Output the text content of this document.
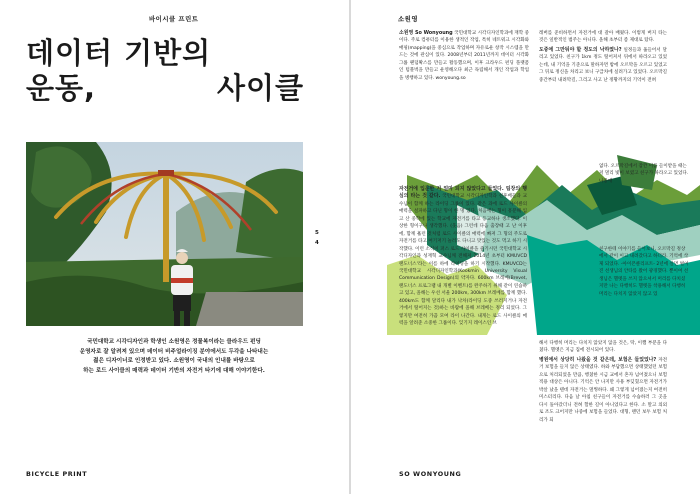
바이시클 프린트
데이터 기반의
운동,	사이클
국민대학교 시각디자인과 학생인 소원영은 정물복이라는 클라우드 펀딩
운영자로 잘 알려져 있으며 데이터 비주얼라이징 분야에서도 두각을 나타내는
젊은 디자이너로 인정받고 있다. 소원영이 국내의 인내를 바탕으로
하는 로드 사이클의 매력과 데이터 기반의 자전거 타기에 대해 이야기한다.
5
4
BICYCLE PRINT
소원영

소원영 So Wonyoung 국민대학교 시각디자인학과에 재학 중이다. 주로 컴퓨터를 이용한 생적인 작업, 특히 네트워크 시각화와 매핑(mapping)을 중심으로 작업하며 자유로운 창작 시스템을 만드는 것에 관심이 있다. 2008년부터 2011년까지 데이터 시각화 그룹 팬덤확스를 만들고 활동했으며, 이후 크라우드 펀딩 플랫폼인 텀블벅을 만들고 운영해오다 최근 독립해서 개인 작업과 학업을 병행하고 있다. wonyoung.so

레버를 준비하면서 자전거에 대 갈아 배웠다. 이렇게 버지 타는 것은 일반적인 범주는 아니다. 올해 초부터 좀 제대로 탔다.

도중에 그만둬야 할 정도의 낙하였나? 일정들과 옮들어서 달리고 있었다. 친구가 1km 정도 떨어져서 뒤에서 따라오고 있었는데, 내 기억을 기준으로 말하자면 밤에 오르막을 오르고 있었고 그 뒤로 정신을 차리고 보니 구급차에 실려가고 있었다. 오르막길 중간부터 내려막길, 그리고 사고 난 정황까지의 기억이 전혀

없다. 오르막길에서 잠깐 이를 들이받을 때는 저 멀리 빛이 보였고 친구가 따라오고 있었다. 나중에
친구한테 이야기를 들어보니, 오르막길 정상에서 같이 이고 내려갔다고 하더라. 기억에 삭제 되었다. -아이폰클리프트- 2년에 살면 벌어진 선생님의 안타를 왔어 광경했다. 뿐이여 선생님은 헬멧을 쓰지 않으셔서 머리를 다치셨지만 나는 다행히도 헬멧을 착용해서 다행히 머리는 다치지 않았지 않고 있

자전거에 입문한 지 얼마 되지 않았다고 들었다. 팀장의 행심의 타는 것 같다. 국민대학교 시각디자인학과 선후배들과 교수님이 함께 하는 라이딩 그룹이 있다. 같은 과에 로드 사이클의 매력을 설파하고 다닌 형이 한 명 있다. 처음에는 형이 흥분해 입고 산 중학에 있는 학교에 자전거를 타고 등교하나 생소했다. 이상한 형이구나 생각했다. (웃음) 그런데 다음 출장때 고 난 이후에, 함께 훌런 것처럼 로드 사이클의 매력에 빠져 그 형의 주도로 자전거를 타고 여기저기 놀러도 다니고 맛있는 것도 먹고 하기 시작했다. 이런 소식이 퍼스 로드 사이클을 즐기시던 국민대학교 시각디자인과 성재혁 교수님께 전해져 2014년 초부터 KMUVCD 랜도너스'라는 이름 하에 라이딩을 하기 시작했다. KMUVCD는 국민대학교 시각디자인학과(Kookmin University Visual Communication Design)의 약자다. 600km 브레베(Brevet, 랜도너스 프로그램 내 개별 이벤트)를 완주하기 위해 같이 연습하고 있고, 올해는 우선 서울 200km, 300km 브레베를 함께 했다. 400km도 함께 달리다 내가 낙차(라이딩 도중 쓰러지거나 자전거에서 떨어지는 것)하는 바람에 올해 브레베는 정리 되었다. 그렇지만 여전히 가끔 모여 라이 나간다. 내게는 로드 사이클의 매력을 알려준 소중한 그룹이다. 잊기지 레이스인 브

해서 다행히 머리는 다치지 않았지 않을 것은, 딱, 이쨈 부분을 다쳤다. 헬멧은 지금 집에 전시되어 있다.

병원에서 상당히 나왔을 것 같은데, 보험은 들었었나? 자전거 보험을 들지 않은 상태였다. 하와 부담했으면 상태했었던 보험으로 처리되었을 만큼, 행쳤한 시금 교에서 혼자 넘어졌으니 보험 적용 대상은 아니다. 기억은 안 나지만 사용 부딪혔으면 자전거가 박살 났을 텐데 자전거는 멀쩡하다. 왜 그렇게 넘어졌는지 여전히 미스터리다. 다음 날 아침 친구들이 자전거를 수습하러 그 곳을 다시 돌아갔더니 전혀 험한 길이 아니었다고 한다. 소 딸고 의외로 조도 크어지만 나중에 보험을 들었다. 대형, 랜던 보두 보험 처리가 되

SO WONYOUNG
